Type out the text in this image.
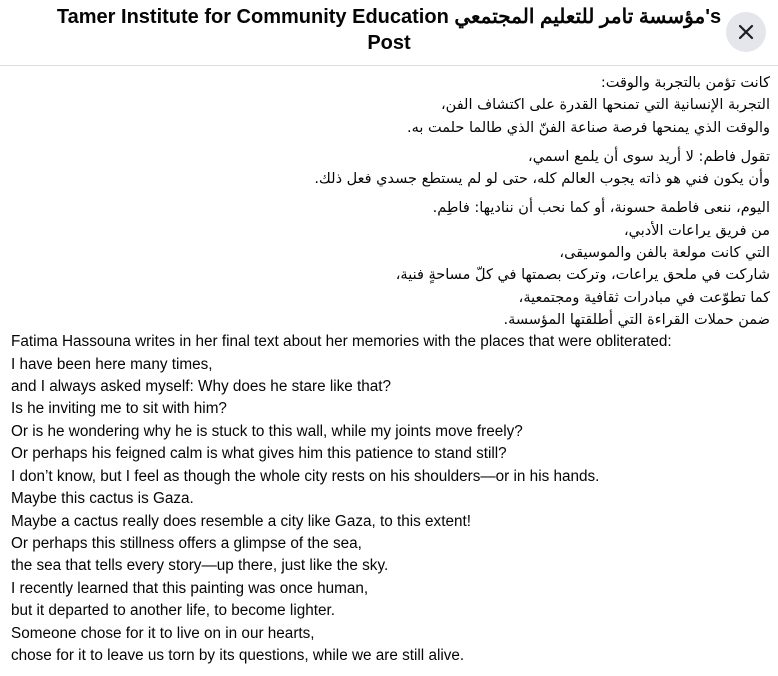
Tamer Institute for Community Education مؤسسة تامر للتعليم المجتمعي's Post
كانت تؤمن بالتجربة والوقت:
التجربة الإنسانية التي تمنحها القدرة على اكتشاف الفن،
والوقت الذي يمنحها فرصة صناعة الفنّ الذي طالما حلمت به.
تقول فاطم: لا أريد سوى أن يلمع اسمي،
وأن يكون فني هو ذاته يجوب العالم كله، حتى لو لم يستطع جسدي فعل ذلك.
اليوم، ننعى فاطمة حسونة، أو كما نحب أن نناديها: فاطِم.
من فريق يراعات الأدبي،
التي كانت مولعة بالفن والموسيقى،
شاركت في ملحق يراعات، وتركت بصمتها في كلّ مساحةٍ فنية،
كما تطوّعت في مبادرات ثقافية ومجتمعية،
ضمن حملات القراءة التي أطلقتها المؤسسة.
Fatima Hassouna writes in her final text about her memories with the places that were obliterated:
I have been here many times,
and I always asked myself: Why does he stare like that?
Is he inviting me to sit with him?
Or is he wondering why he is stuck to this wall, while my joints move freely?
Or perhaps his feigned calm is what gives him this patience to stand still?
I don’t know, but I feel as though the whole city rests on his shoulders—or in his hands.
Maybe this cactus is Gaza.
Maybe a cactus really does resemble a city like Gaza, to this extent!
Or perhaps this stillness offers a glimpse of the sea,
the sea that tells every story—up there, just like the sky.
I recently learned that this painting was once human,
but it departed to another life, to become lighter.
Someone chose for it to live on in our hearts,
chose for it to leave us torn by its questions, while we are still alive.
